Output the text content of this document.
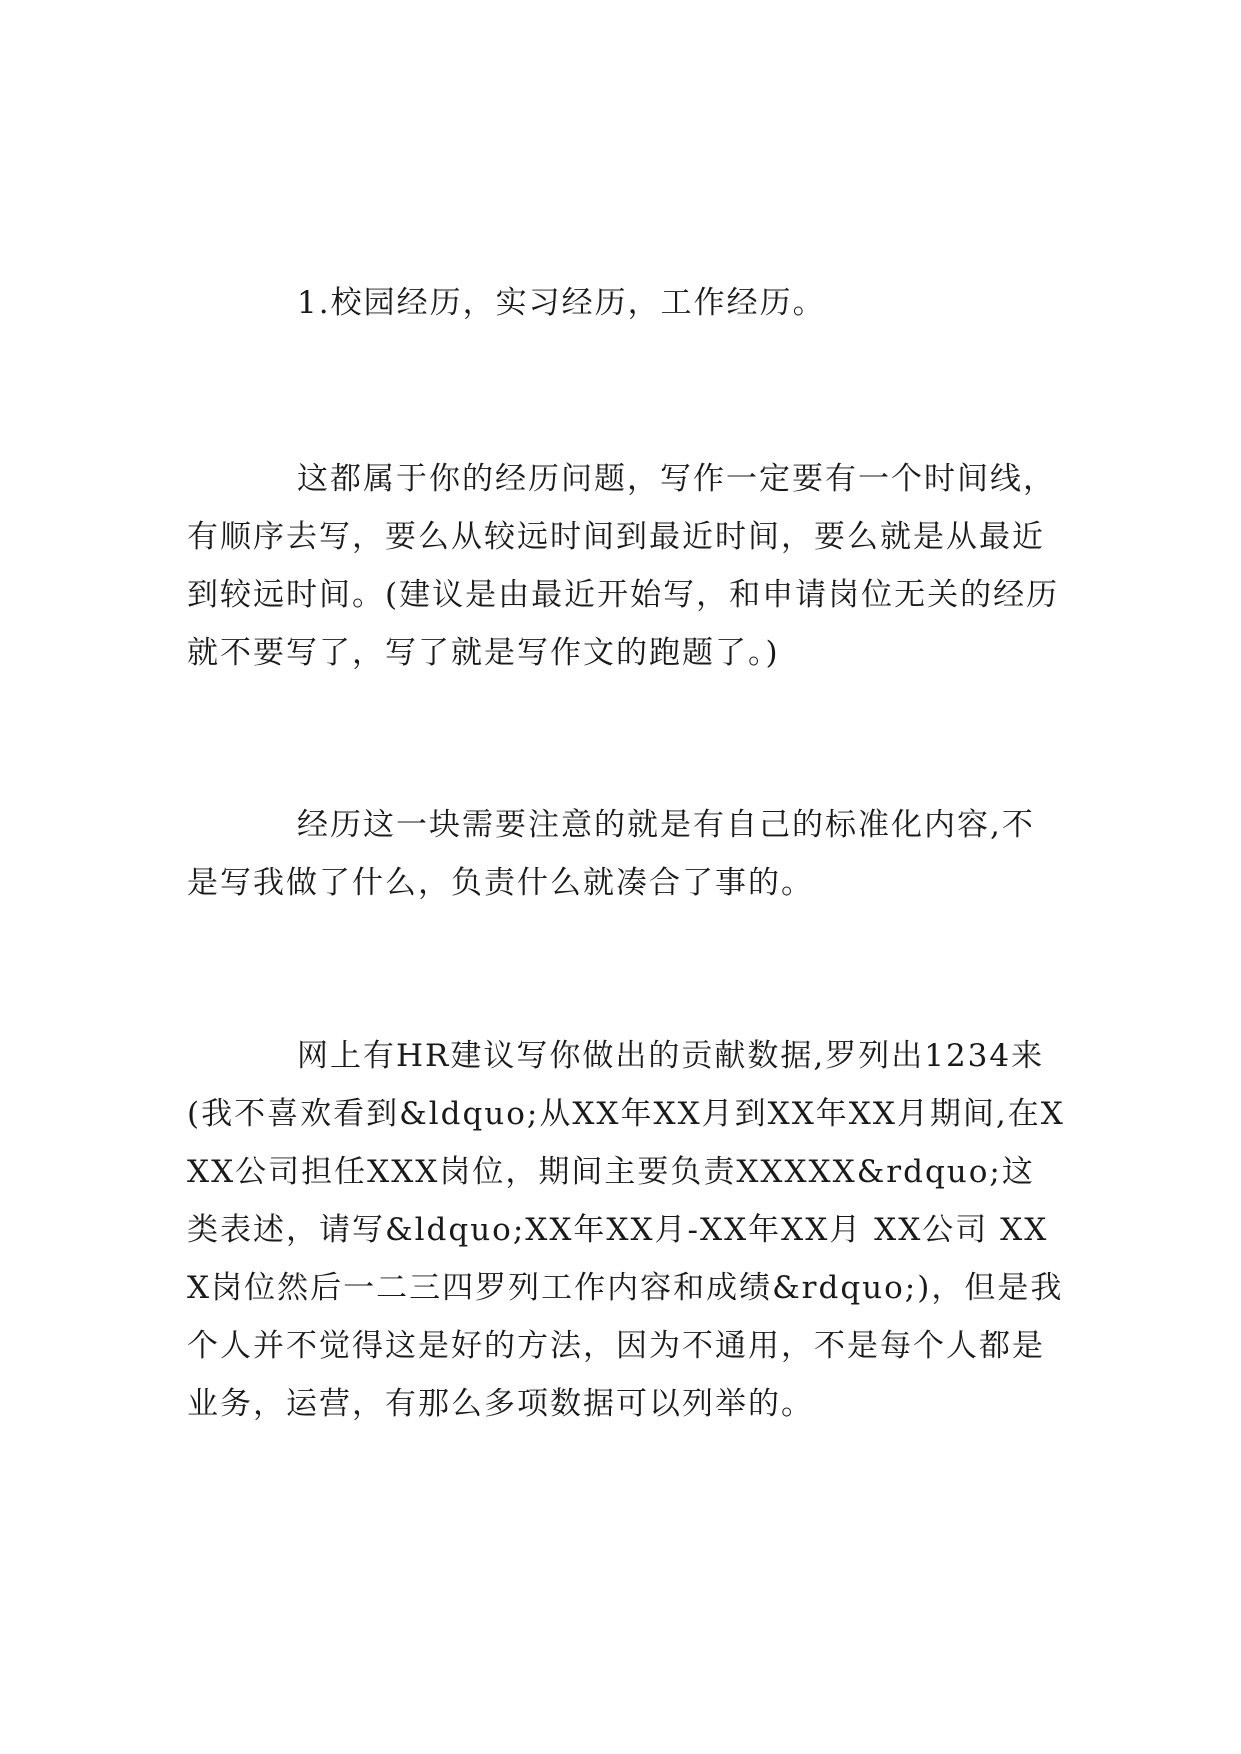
1.校园经历，实习经历，工作经历。

这都属于你的经历问题，写作一定要有一个时间线，有顺序去写，要么从较远时间到最近时间，要么就是从最近到较远时间。(建议是由最近开始写，和申请岗位无关的经历就不要写了，写了就是写作文的跑题了。)

经历这一块需要注意的就是有自己的标准化内容,不是写我做了什么，负责什么就凑合了事的。

网上有HR建议写你做出的贡献数据,罗列出1234来(我不喜欢看到&ldquo;从XX年XX月到XX年XX月期间,在XXX公司担任XXX岗位，期间主要负责XXXXX&rdquo;这类表述，请写&ldquo;XX年XX月-XX年XX月 XX公司 XXX岗位然后一二三四罗列工作内容和成绩&rdquo;)，但是我个人并不觉得这是好的方法，因为不通用，不是每个人都是业务，运营，有那么多项数据可以列举的。
